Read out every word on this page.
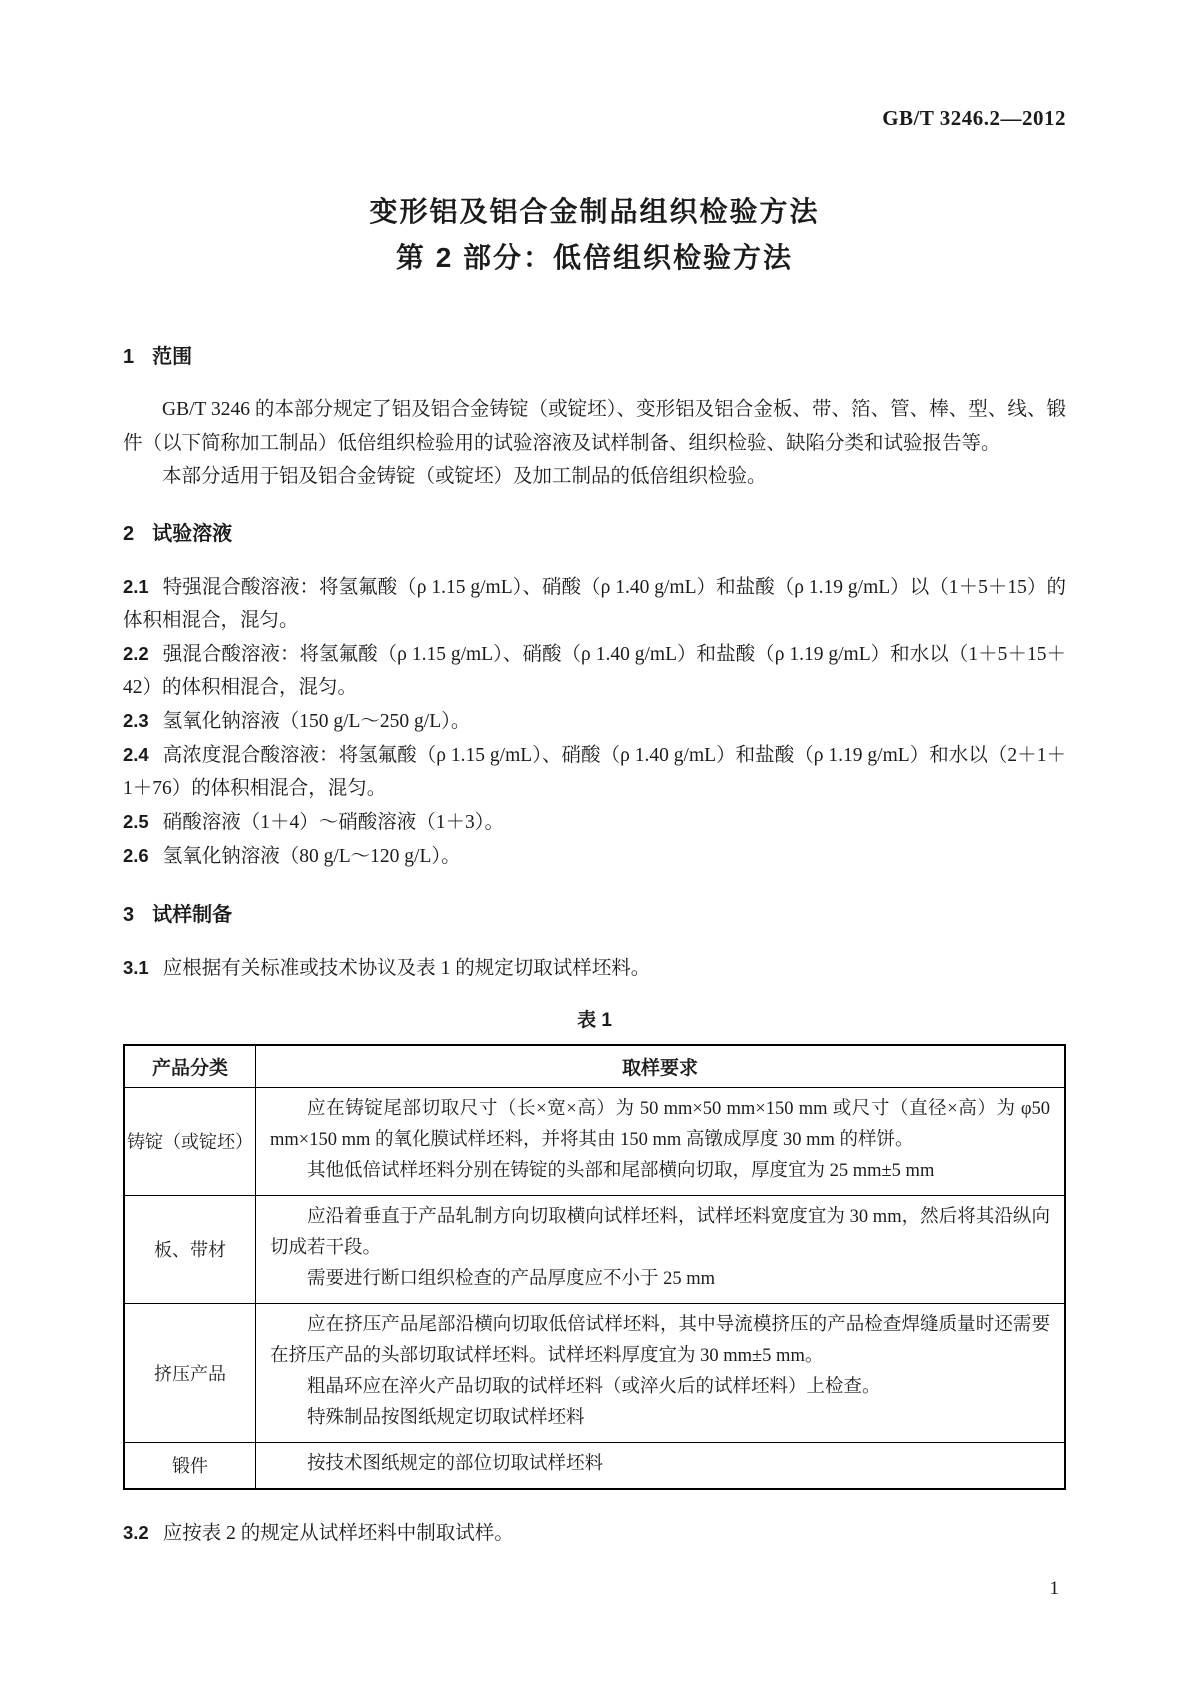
GB/T 3246.2—2012
变形铝及铝合金制品组织检验方法
第 2 部分：低倍组织检验方法
1 范围

GB/T 3246 的本部分规定了铝及铝合金铸锭（或锭坯）、变形铝及铝合金板、带、箔、管、棒、型、线、锻件（以下简称加工制品）低倍组织检验用的试验溶液及试样制备、组织检验、缺陷分类和试验报告等。

本部分适用于铝及铝合金铸锭（或锭坯）及加工制品的低倍组织检验。

2 试验溶液

2.1 特强混合酸溶液：将氢氟酸（ρ 1.15 g/mL）、硝酸（ρ 1.40 g/mL）和盐酸（ρ 1.19 g/mL）以（1＋5＋15）的体积相混合，混匀。

2.2 强混合酸溶液：将氢氟酸（ρ 1.15 g/mL）、硝酸（ρ 1.40 g/mL）和盐酸（ρ 1.19 g/mL）和水以（1＋5＋15＋42）的体积相混合，混匀。

2.3 氢氧化钠溶液（150 g/L～250 g/L）。

2.4 高浓度混合酸溶液：将氢氟酸（ρ 1.15 g/mL）、硝酸（ρ 1.40 g/mL）和盐酸（ρ 1.19 g/mL）和水以（2＋1＋1＋76）的体积相混合，混匀。

2.5 硝酸溶液（1＋4）～硝酸溶液（1＋3）。

2.6 氢氧化钠溶液（80 g/L～120 g/L）。

3 试样制备

3.1 应根据有关标准或技术协议及表 1 的规定切取试样坯料。

表 1
产品分类	取样要求
铸锭（或锭坯）	应在铸锭尾部切取尺寸（长×宽×高）为 50 mm×50 mm×150 mm 或尺寸（直径×高）为 φ50 mm×150 mm 的氧化膜试样坯料，并将其由 150 mm 高镦成厚度 30 mm 的样饼。

其他低倍试样坯料分别在铸锭的头部和尾部横向切取，厚度宜为 25 mm±5 mm

板、带材	应沿着垂直于产品轧制方向切取横向试样坯料，试样坯料宽度宜为 30 mm，然后将其沿纵向切成若干段。

需要进行断口组织检查的产品厚度应不小于 25 mm

挤压产品	应在挤压产品尾部沿横向切取低倍试样坯料，其中导流模挤压的产品检查焊缝质量时还需要在挤压产品的头部切取试样坯料。试样坯料厚度宜为 30 mm±5 mm。

粗晶环应在淬火产品切取的试样坯料（或淬火后的试样坯料）上检查。

特殊制品按图纸规定切取试样坯料

锻件	按技术图纸规定的部位切取试样坯料

3.2 应按表 2 的规定从试样坯料中制取试样。

1
